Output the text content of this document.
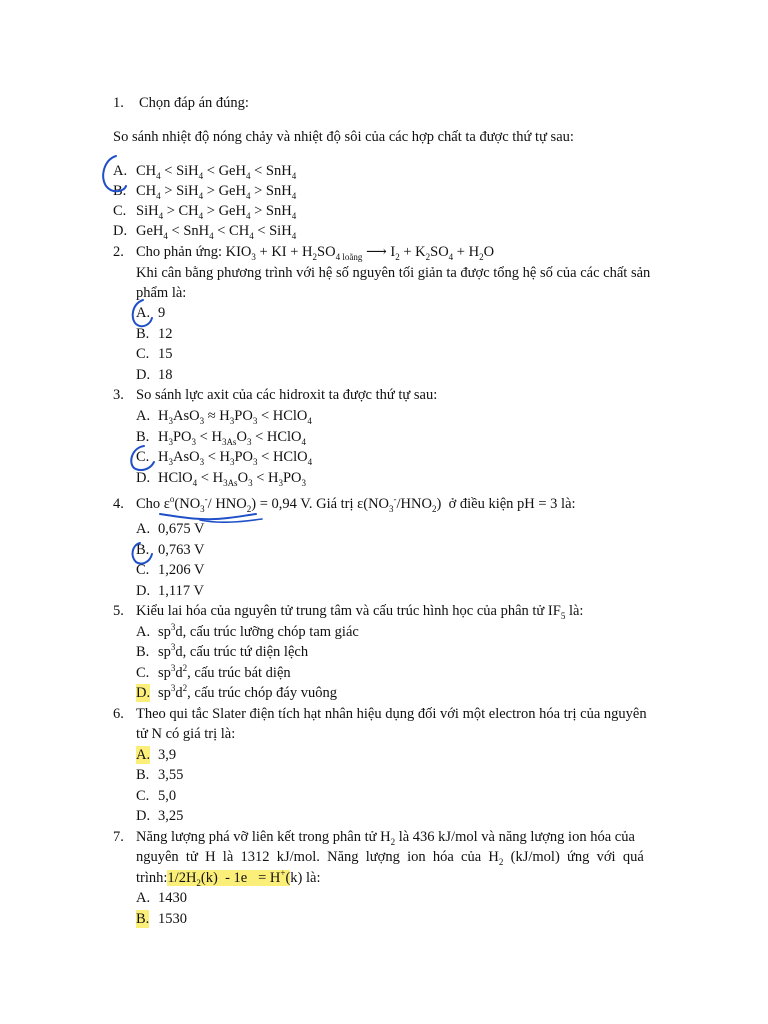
1. Chọn đáp án đúng:
So sánh nhiệt độ nóng chảy và nhiệt độ sôi của các hợp chất ta được thứ tự sau:
A. $CH_4 < SiH_4 < GeH_4 < SnH_4$
B. $CH_4 > SiH_4 > GeH_4 > SnH_4$
C. $SiH_4 > CH_4 > GeH_4 > SnH_4$
D. $GeH_4 < SnH_4 < CH_4 < SiH_4$
2. Cho phản ứng: $KIO_3$ + KI + $H_2SO_{4 loãng}$ ⟶ $I_2 + K_2SO_4 + H_2O$
Khi cân bằng phương trình với hệ số nguyên tối giản ta được tổng hệ số của các chất sản
phẩm là:
A. 9
B. 12
C. 15
D. 18
3. So sánh lực axit của các hidroxit ta được thứ tự sau:
A. $H_3AsO_3 \approx H_3PO_3$ < HClO$_4$
B. $H_3PO_3 < H_{3As}O_3$ < HClO$_4$
C. $H_3AsO_3 < H_3PO_3$ < HClO$_4$
D. HClO$_4$ < $H_{3As}O_3 < H_3PO_3$
4. Cho $\varepsilon^o(NO_3^-/$ $HNO_2) = 0,94$ V. Giá trị $\varepsilon(NO_3^-/HNO_2)$  ở điều kiện pH = 3 là:
A. 0,675 V
B. 0,763 V
C. 1,206 V
D. 1,117 V
5. Kiểu lai hóa của nguyên tử trung tâm và cấu trúc hình học của phân tử $IF_5$ là:
A. $sp^3d$, cấu trúc lưỡng chóp tam giác
B. $sp^3d$, cấu trúc tứ diện lệch
C. $sp^3d^2$, cấu trúc bát diện
D. $sp^3d^2$, cấu trúc chóp đáy vuông
6. Theo qui tắc Slater điện tích hạt nhân hiệu dụng đối với một electron hóa trị của nguyên
tử N có giá trị là:
A. 3,9
B. 3,55
C. 5,0
D. 3,25
7. Năng lượng phá vỡ liên kết trong phân tử $H_2$ là 436 kJ/mol và năng lượng ion hóa của
nguyên  tử  H  là  1312  kJ/mol.  Năng  lượng  ion  hóa  của  $H_2$  (kJ/mol)  ứng  với  quá
$trình:1/2H_2(k) - 1e = H^+(k)$ là:
A. 1430
B. 1530
